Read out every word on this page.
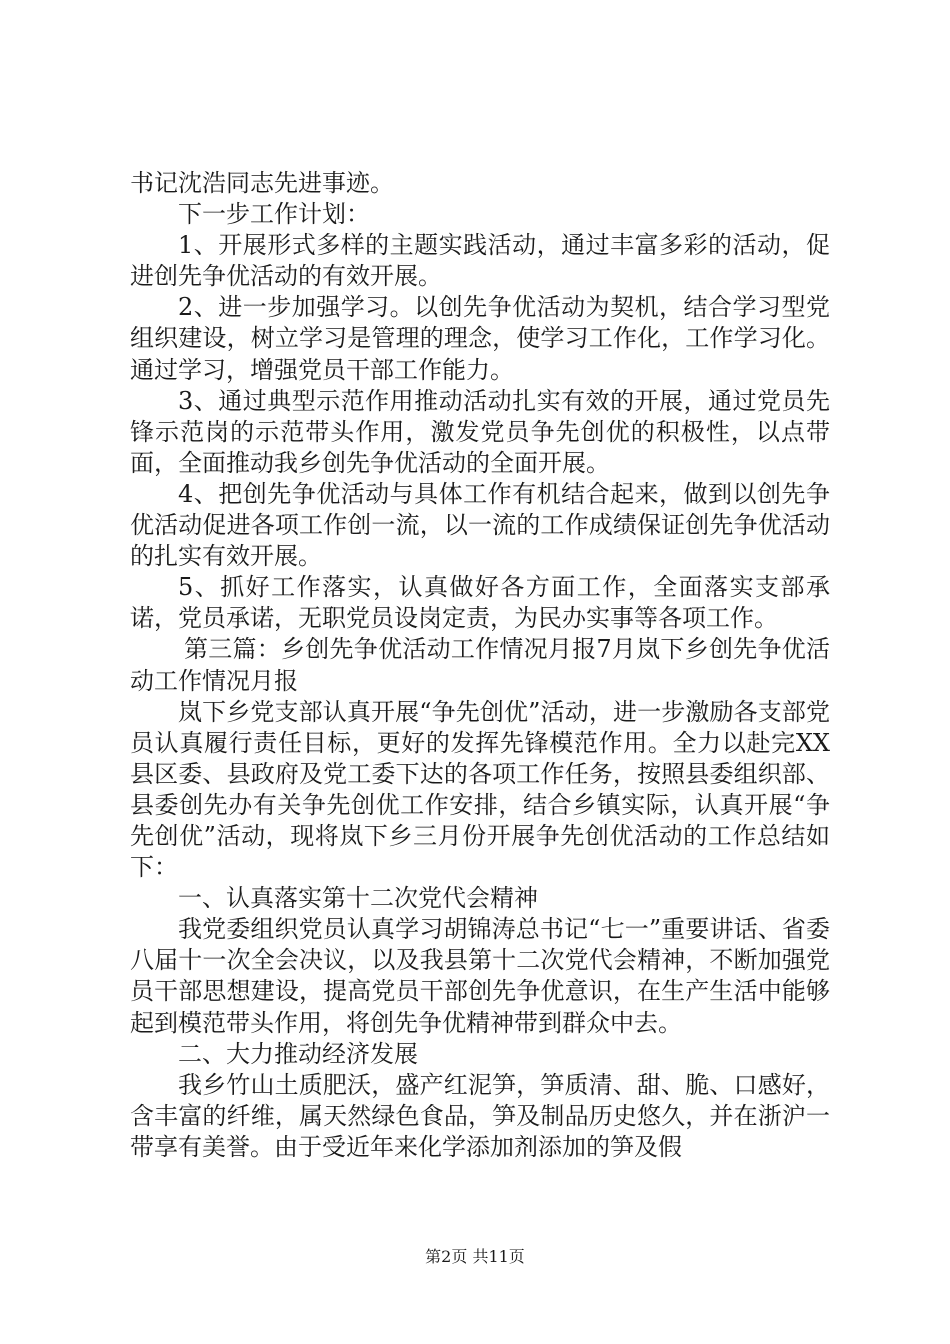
书记沈浩同志先进事迹。

下一步工作计划：

1、开展形式多样的主题实践活动，通过丰富多彩的活动，促进创先争优活动的有效开展。

2、进一步加强学习。以创先争优活动为契机，结合学习型党组织建设，树立学习是管理的理念，使学习工作化，工作学习化。通过学习，增强党员干部工作能力。

3、通过典型示范作用推动活动扎实有效的开展，通过党员先锋示范岗的示范带头作用，激发党员争先创优的积极性，以点带面，全面推动我乡创先争优活动的全面开展。

4、把创先争优活动与具体工作有机结合起来，做到以创先争优活动促进各项工作创一流，以一流的工作成绩保证创先争优活动的扎实有效开展。

5、抓好工作落实，认真做好各方面工作，全面落实支部承诺，党员承诺，无职党员设岗定责，为民办实事等各项工作。

第三篇：乡创先争优活动工作情况月报7月岚下乡创先争优活动工作情况月报

岚下乡党支部认真开展“争先创优”活动，进一步激励各支部党员认真履行责任目标，更好的发挥先锋模范作用。全力以赴完XX县区委、县政府及党工委下达的各项工作任务，按照县委组织部、县委创先办有关争先创优工作安排，结合乡镇实际，认真开展“争先创优”活动，现将岚下乡三月份开展争先创优活动的工作总结如下：

一、认真落实第十二次党代会精神

我党委组织党员认真学习胡锦涛总书记“七一”重要讲话、省委八届十一次全会决议，以及我县第十二次党代会精神，不断加强党员干部思想建设，提高党员干部创先争优意识，在生产生活中能够起到模范带头作用，将创先争优精神带到群众中去。

二、大力推动经济发展

我乡竹山土质肥沃，盛产红泥笋，笋质清、甜、脆、口感好，含丰富的纤维，属天然绿色食品，笋及制品历史悠久，并在浙沪一带享有美誉。由于受近年来化学添加剂添加的笋及假

第2页 共11页
